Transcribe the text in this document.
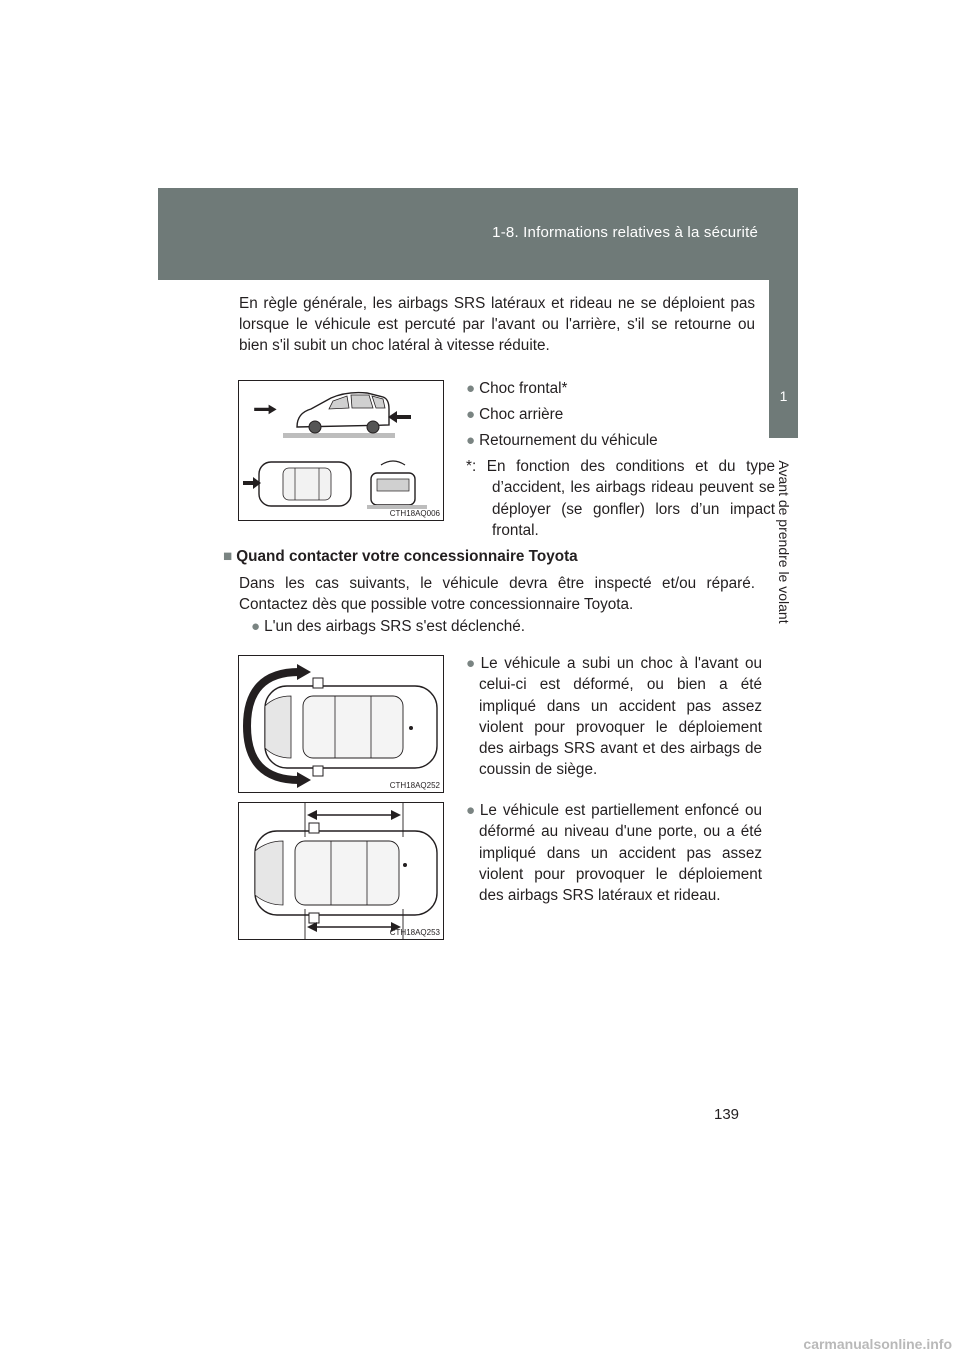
1-8. Informations relatives à la sécurité
1
Avant de prendre le volant

En règle générale, les airbags SRS latéraux et rideau ne se déploient pas lorsque le véhicule est percuté par l'avant ou l'arrière, s'il se retourne ou bien s'il subit un choc latéral à vitesse réduite.

CTH18AQ006

● Choc frontal*

● Choc arrière

● Retournement du véhicule

*: En fonction des conditions et du type d’accident, les airbags rideau peuvent se déployer (se gonfler) lors d’un impact frontal.

■ Quand contacter votre concessionnaire Toyota

Dans les cas suivants, le véhicule devra être inspecté et/ou réparé. Contactez dès que possible votre concessionnaire Toyota.

● L'un des airbags SRS s'est déclenché.

CTH18AQ252

● Le véhicule a subi un choc à l'avant ou celui-ci est déformé, ou bien a été impliqué dans un accident pas assez violent pour provoquer le déploiement des airbags SRS avant et des airbags de coussin de siège.

CTH18AQ253

● Le véhicule est partiellement enfoncé ou déformé au niveau d'une porte, ou a été impliqué dans un accident pas assez violent pour provoquer le déploiement des airbags SRS latéraux et rideau.

139
carmanualsonline.info
